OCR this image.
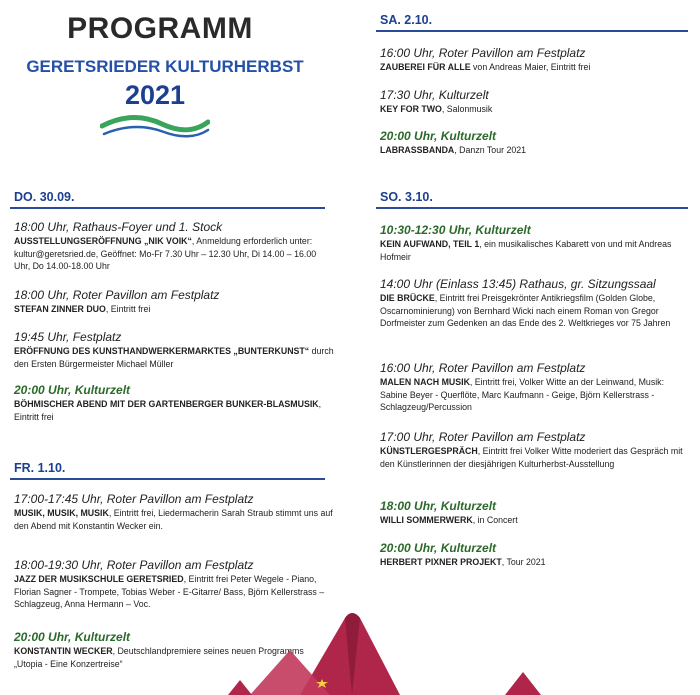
PROGRAMM
GERETSRIEDER KULTURHERBST
2021
DO. 30.09.
18:00 Uhr, Rathaus-Foyer und 1. Stock
AUSSTELLUNGSERÖFFNUNG „NIK VOIK“, Anmeldung erforderlich unter: kultur@geretsried.de, Geöffnet: Mo-Fr 7.30 Uhr – 12.30 Uhr, Di 14.00 – 16.00 Uhr, Do 14.00-18.00 Uhr
18:00 Uhr, Roter Pavillon am Festplatz
STEFAN ZINNER DUO, Eintritt frei
19:45 Uhr, Festplatz
ERÖFFNUNG DES KUNSTHANDWERKERMARKTES „BUNTERKUNST“ durch den Ersten Bürgermeister Michael Müller
20:00 Uhr, Kulturzelt
BÖHMISCHER ABEND MIT DER GARTENBERGER BUNKER-BLASMUSIK, Eintritt frei
FR. 1.10.
17:00-17:45 Uhr, Roter Pavillon am Festplatz
MUSIK, MUSIK, MUSIK, Eintritt frei, Liedermacherin Sarah Straub stimmt uns auf den Abend mit Konstantin Wecker ein.
18:00-19:30 Uhr, Roter Pavillon am Festplatz
JAZZ DER MUSIKSCHULE GERETSRIED, Eintritt frei Peter Wegele - Piano, Florian Sagner - Trompete, Tobias Weber - E-Gitarre/ Bass, Björn Kellerstrass – Schlagzeug, Anna Hermann – Voc.
20:00 Uhr, Kulturzelt
KONSTANTIN WECKER, Deutschlandpremiere seines neuen Programms „Utopia - Eine Konzertreise“
SA. 2.10.
16:00 Uhr, Roter Pavillon am Festplatz
ZAUBEREI FÜR ALLE von Andreas Maier, Eintritt frei
17:30 Uhr, Kulturzelt
KEY FOR TWO, Salonmusik
20:00 Uhr, Kulturzelt
LABRASSBANDA, Danzn Tour 2021
SO. 3.10.
10:30-12:30 Uhr, Kulturzelt
KEIN AUFWAND, TEIL 1, ein musikalisches Kabarett von und mit Andreas Hofmeir
14:00 Uhr (Einlass 13:45) Rathaus, gr. Sitzungssaal
DIE BRÜCKE, Eintritt frei Preisgekrönter Antikriegsfilm (Golden Globe, Oscarnominierung) von Bernhard Wicki nach einem Roman von Gregor Dorfmeister zum Gedenken an das Ende des 2. Weltkrieges vor 75 Jahren
16:00 Uhr, Roter Pavillon am Festplatz
MALEN NACH MUSIK, Eintritt frei, Volker Witte an der Leinwand, Musik: Sabine Beyer - Querflöte, Marc Kaufmann - Geige, Björn Kellerstrass - Schlagzeug/Percussion
17:00 Uhr, Roter Pavillon am Festplatz
KÜNSTLERGESPRÄCH, Eintritt frei Volker Witte moderiert das Gespräch mit den Künstlerinnen der diesjährigen Kulturherbst-Ausstellung
18:00 Uhr, Kulturzelt
WILLI SOMMERWERK, in Concert
20:00 Uhr, Kulturzelt
HERBERT PIXNER PROJEKT, Tour 2021
